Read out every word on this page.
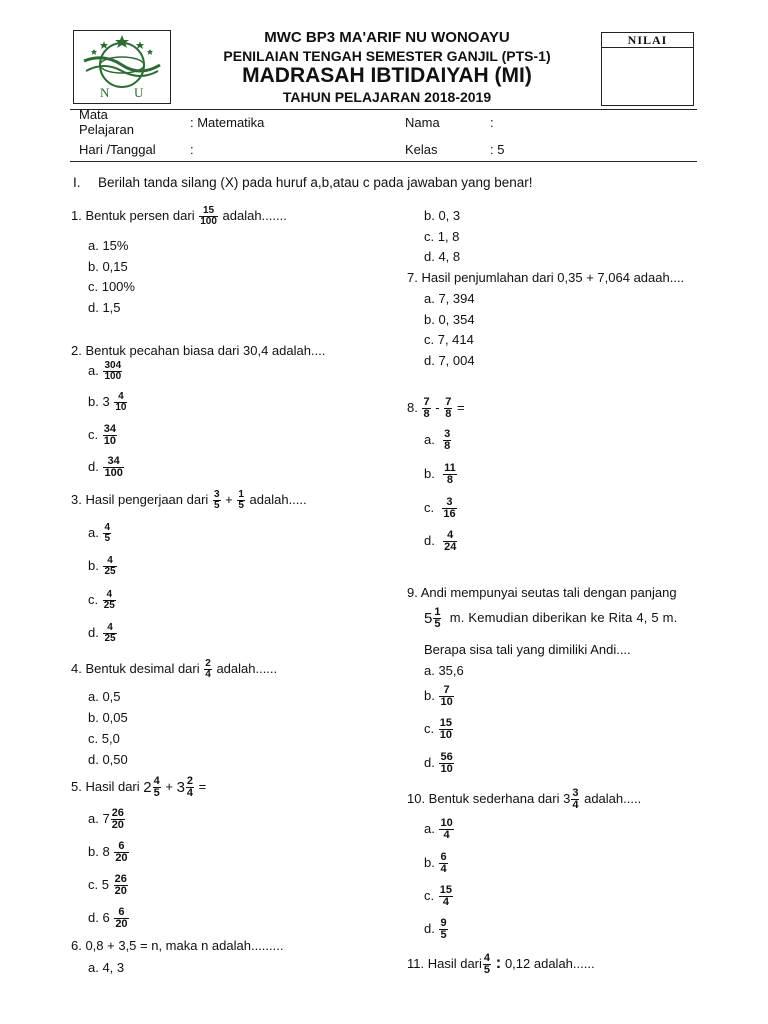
N U
MWC BP3 MA'ARIF NU WONOAYU
PENILAIAN TENGAH SEMESTER GANJIL (PTS-1)
MADRASAH IBTIDAIYAH (MI)
TAHUN PELAJARAN 2018-2019
NILAI
Mata
Pelajaran	: Matematika	Nama	:
Hari /Tanggal	:	Kelas	: 5
I. Berilah tanda silang (X) pada huruf a,b,atau c pada jawaban yang benar!
1. Bentuk persen dari $\frac{15}{100}$ adalah.......
a. 15%
b. 0,15
c. 100%
d. 1,5
2. Bentuk pecahan biasa dari 30,4 adalah....
a. $\frac{304}{100}$
b. $3 \frac{4}{10}$
c. $\frac{34}{10}$
d. $\frac{34}{100}$
3. Hasil pengerjaan dari $\frac{3}{5} + \frac{1}{5}$ adalah.....
a. $\frac{4}{5}$
b. $\frac{4}{25}$
c. $\frac{4}{25}$
d. $\frac{4}{25}$
4. Bentuk desimal dari $\frac{2}{4}$ adalah......
a. 0,5
b. 0,05
c. 5,0
d. 0,50
5. Hasil dari $2 \frac{4}{5} + 3 \frac{2}{4}$ =
a. $7 \frac{26}{20}$
b. $8 \frac{6}{20}$
c. $5 \frac{26}{20}$
d. $6 \frac{6}{20}$
6. 0,8 + 3,5 = n, maka n adalah.........
a. 4, 3
b. 0, 3
c. 1, 8
d. 4, 8
7. Hasil penjumlahan dari 0,35 + 7,064 adaah....
a. 7, 394
b. 0, 354
c. 7, 414
d. 7, 004
8. $\frac{7}{8} - \frac{7}{8}$ =
a. $\frac{3}{8}$
b. $\frac{11}{8}$
c. $\frac{3}{16}$
d. $\frac{4}{24}$
9. Andi mempunyai seutas tali dengan panjang
$5 \frac{1}{5} m$. Kemudian diberikan ke Rita 4, 5 m.
Berapa sisa tali yang dimiliki Andi....
a. 35,6
b. $\frac{7}{10}$
c. $\frac{15}{10}$
d. $\frac{56}{10}$
10. Bentuk sederhana dari $3 \frac{3}{4}$ adalah.....
a. $\frac{10}{4}$
b. $\frac{6}{4}$
c. $\frac{15}{4}$
d. $\frac{9}{5}$
11. Hasil dari $\frac{4}{5}$ : 0,12 adalah......
